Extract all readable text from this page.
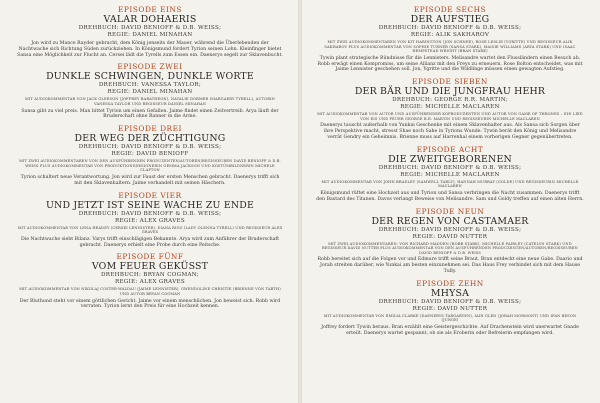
EPISODE EINS
VALAR DOHAERIS
DREHBUCH: DAVID BENIOFF & D.B. WEISS;
REGIE: DANIEL MINAHAN
Jon wird zu Mance Rayder gebracht, dem König jenseits der Mauer, während die Überlebenden der Nachtwache sich Richtung Süden zurückziehen. In Königsmund fordert Tyrion seinen Lohn. Kleinfinger bietet Sansa eine Möglichkeit zur Flucht an. Cersei lädt die Tyrells zum Essen ein. Daenerys segelt zur Sklavenbucht.
EPISODE ZWEI
DUNKLE SCHWINGEN, DUNKLE WORTE
DREHBUCH: VANESSA TAYLOR;
REGIE: DANIEL MINAHAN
MIT AUDIOKOMMENTAR VON JACK GLEESON (JOFFREY BARATHEON), NATALIE DORMER (MARGAERY TYRELL), AUTORIN VANESSA TAYLOR UND REGISSEUR DANIEL MINAHAN
Sansa gibt zu viel preis. Man bittet Tyrion um einen Gefallen. Jaime findet einen Zeitvertreib. Arya läuft der Bruderschaft ohne Banner in die Arme.
EPISODE DREI
DER WEG DER ZÜCHTIGUNG
DREHBUCH: DAVID BENIOFF & D.B. WEISS;
REGIE: DAVID BENIOFF
MIT ZWEI AUDIOKOMMENTAREN VON DEN AUSFÜHRENDEN PRODUZENTEN/AUTOREN/REGISSEUREN DAVID BENIOFF & D.B. WEISS PLUS AUDIOKOMMENTAR VON PRODUKTIONSDESIGNERIN GEMMA JACKSON UND KOSTÜMBILDNERIN MICHELE CLAPTON
Tyrion schultert neue Verantwortung. Jon wird zur Faust der ersten Menschen gebracht. Daenerys trifft sich mit den Sklavenhaltern. Jaime verhandelt mit seinen Häschern.
EPISODE VIER
UND JETZT IST SEINE WACHE ZU ENDE
DREHBUCH: DAVID BENIOFF & D.B. WEISS;
REGIE: ALEX GRAVES
MIT AUDIOKOMMENTAR VON LENA HEADEY (CERSEI LENNISTER), DIANA RIGG (LADY OLENNA TYRELL) UND REGISSEUR ALEX GRAVES
Die Nachtwache sieht Bilanz. Varys trifft einschlägigen Bekannte. Arya wird zum Anführer der Bruderschaft gebracht. Daenerys erhielt eine Probe durch eine Peitsche.
EPISODE FÜNF
VOM FEUER GEKÜSST
DREHBUCH: BRYAN COGMAN;
REGIE: ALEX GRAVES
MIT AUDIOKOMMENTAR VON NIKOLAJ COSTER-WALDAU (JAIME LENNISTER), GWENDOLINE CHRISTIE (BRIENNE VON TARTH) UND AUTOR BRYAN COGMAN
Der Bluthund steht vor einem göttlichen Gericht. Jaime vor einem menschlichen. Jon beweist sich. Robb wird verraten. Tyrion lernt den Preis für eine Hochzeit kennen.
EPISODE SECHS
DER AUFSTIEG
DREHBUCH: DAVID BENIOFF & D.B. WEISS;
REGIE: ALIK SAKHAROV
MIT ZWEI AUDIOKOMMENTAREN VON KIT HARINGTON (JON SCHNEE), ROSE LESLIE (YGRITTE) UND REGISSEUR ALIK SAKHAROV PLUS AUDIOKOMMENTAR VON SOPHIE TURNER (SANSA STARK), MAISIE WILLIAMS (ARYA STARK) UND ISAAC HEMPSTEAD WRIGHT (BRAN STARK)
Tywin plant strategische Bündnisse für die Lennisters. Melisandre wartet den Flussländern einen Besuch ab. Robb erwägt einen Kompromiss, um seine Allianz mit den Freys zu erneuern. Rose Bolton entscheidet, was mit Jaime Lennister geschehen soll. Jon, Ygritte und die Wildlinge müssen einen gewagten Aufstieg.
EPISODE SIEBEN
DER BÄR UND DIE JUNGFRAU HEHR
DREHBUCH: GEORGE R.R. MARTIN;
REGIE: MICHELLE MACLAREN
MIT AUDIOKOMMENTAR VON AUTOR UND AUSFÜHRENDER KOPRODUZENTEN UND AUTOR VON GAME OF THRONES – EIN LIED VON EIS UND FEUER GEORGE R.R. MARTIN UND REGISSEURIN MICHELLE MACLAREN
Daenerys tauscht außerhalb von Yunkai Geschenke mit einem Sklavenhalter aus. Als Sansa sich Sorgen über ihre Perspektive macht, stresst Shae noch Sahe in Tyrions Wunde. Tywin berät den König und Melisandre verrät Gendry ein Geheimnis. Brienne muss auf Harrenhal einem vorherigen Gegner gegenübertreten.
EPISODE ACHT
DIE ZWEITGEBORENEN
DREHBUCH: DAVID BENIOFF & D.B. WEISS;
REGIE: MICHELLE MACLAREN
MIT AUDIOKOMMENTAR VON JOHN BRADLEY (SAMWELL TARLY), HANNAH MURRAY (GOLDE) UND REGISSEURIN MICHELLE MACLAREN
Königsmund rüftet eine Hochzeit aus und Tyrion und Sansa verbringen die Nacht zusammen. Daenerys trifft den Bastard des Titanen. Davos verlangt Beweise von Melisandre. Sam und Goldy treffen auf einen alten Herrn.
EPISODE NEUN
DER REGEN VON CASTAMAER
DREHBUCH: DAVID BENIOFF & D.B. WEISS;
REGIE: DAVID NUTTER
MIT ZWEI AUDIOKOMMENTAREN: VON RICHARD MADDEN (ROBB STARK), MICHELLE FAIRLEY (CATELYN STARK) UND REGISSEUR DAVID NUTTER PLUS AUDIOKOMMENTAR VON DEN AUSFÜHRENDEN PRODUZENTEN/AUTOREN/REGISSEUREN DAVID BENIOFF & D.B. WEISS
Robb bereitet sich auf die Folgen vor und Edmure trifft seine Braut. Bran entdeckt eine neue Gabe. Daario und Jorah streiten darüber, wie Yunkai am besten einzunehmen sei. Das Haus Frey verbindet sich mit dem Hause Tully.
EPISODE ZEHN
MHYSA
DREHBUCH: DAVID BENIOFF & D.B. WEISS;
REGIE: DAVID NUTTER
MIT AUDIOKOMMENTAR VON EMILIA CLARKE (DAENERYS TARGARYEN), IAIN GLEN (JORAH MORMONT) UND IFAN BESON (JUNGE)
Joffrey fordert Tywin heraus. Bran erzählt eine Geistergeschichte. Auf Drachenstein wird unerwartet Gnade erteilt. Daenerys wartet gespannt, ob sie als Eroberin oder Befreierin empfangen wird.
